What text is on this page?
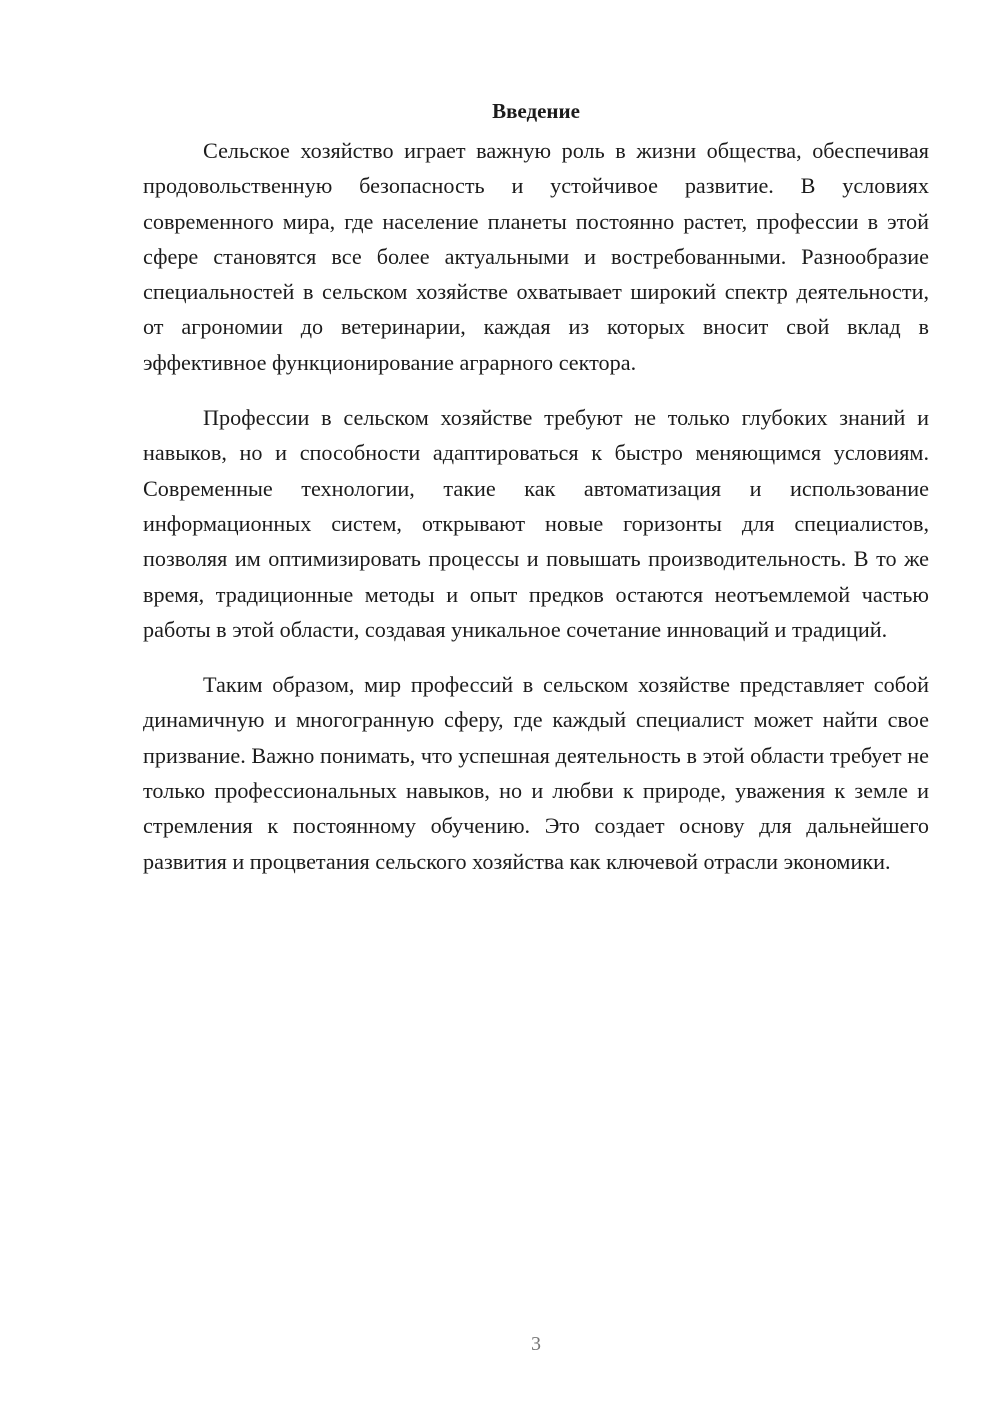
Введение

Сельское хозяйство играет важную роль в жизни общества, обеспечивая продовольственную безопасность и устойчивое развитие. В условиях современного мира, где население планеты постоянно растет, профессии в этой сфере становятся все более актуальными и востребованными. Разнообразие специальностей в сельском хозяйстве охватывает широкий спектр деятельности, от агрономии до ветеринарии, каждая из которых вносит свой вклад в эффективное функционирование аграрного сектора.

Профессии в сельском хозяйстве требуют не только глубоких знаний и навыков, но и способности адаптироваться к быстро меняющимся условиям. Современные технологии, такие как автоматизация и использование информационных систем, открывают новые горизонты для специалистов, позволяя им оптимизировать процессы и повышать производительность. В то же время, традиционные методы и опыт предков остаются неотъемлемой частью работы в этой области, создавая уникальное сочетание инноваций и традиций.

Таким образом, мир профессий в сельском хозяйстве представляет собой динамичную и многогранную сферу, где каждый специалист может найти свое призвание. Важно понимать, что успешная деятельность в этой области требует не только профессиональных навыков, но и любви к природе, уважения к земле и стремления к постоянному обучению. Это создает основу для дальнейшего развития и процветания сельского хозяйства как ключевой отрасли экономики.

3
